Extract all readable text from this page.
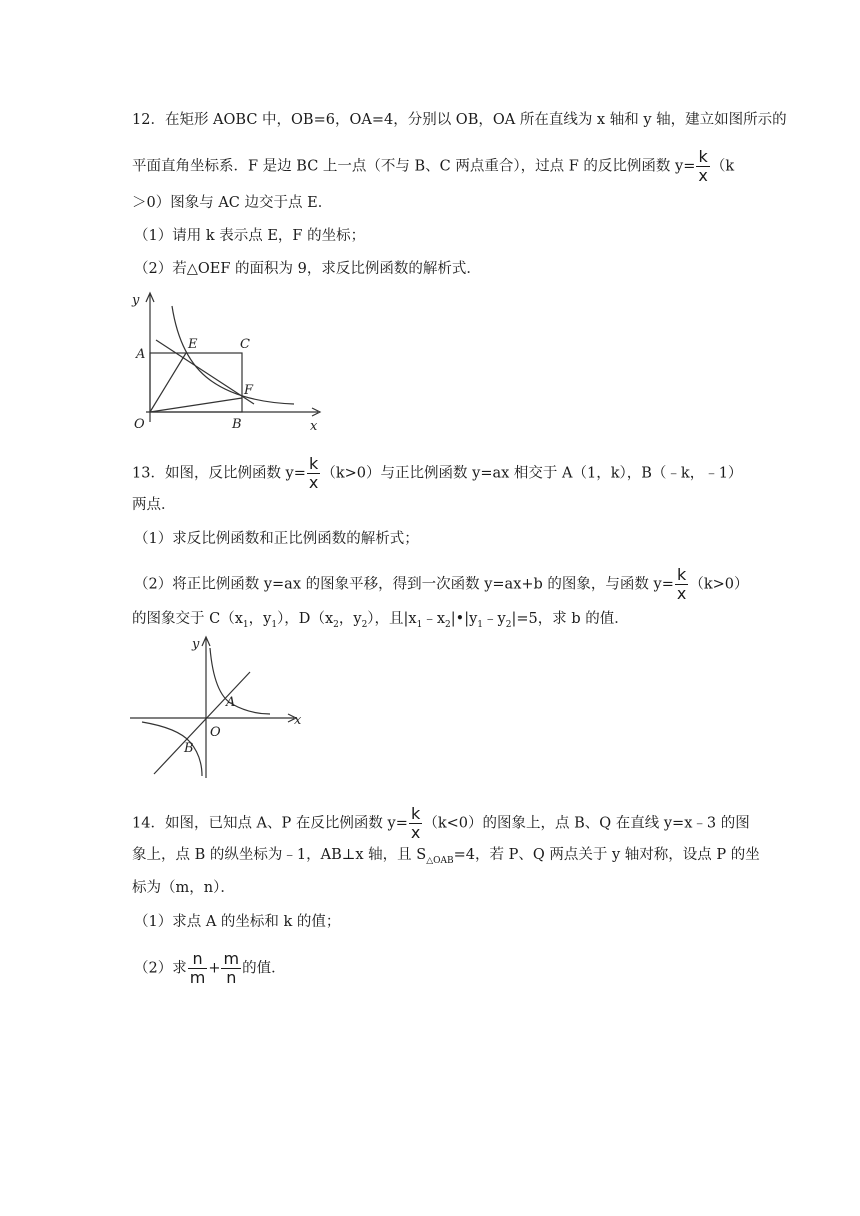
12．在矩形 AOBC 中，OB=6，OA=4，分别以 OB，OA 所在直线为 x 轴和 y 轴，建立如图所示的
平面直角坐标系．F 是边 BC 上一点（不与 B、C 两点重合），过点 F 的反比例函数 $y= \frac{k}{x} (k$
＞0）图象与 AC 边交于点 E．
（1）请用 k 表示点 E，F 的坐标；
（2）若△OEF 的面积为 9，求反比例函数的解析式．
y
x
O
A
B
C
E
F
13．如图，反比例函数 $y= \frac{k}{x} (k>0)$与正比例函数 y=ax 相交于 A（1，k），B（﹣k，﹣1）
两点．
（1）求反比例函数和正比例函数的解析式；
（2）将正比例函数 y=ax 的图象平移，得到一次函数 y=ax+b 的图象，与函数 $y= \frac{k}{x} (k>0)$
的图象交于 $C(x_1$，$y_1$），$D(x_2$，$y_2$），且$|x_1﹣x_2|•|y_1﹣y_2|=5$，求 b 的值．
y
x
O
A
B
14．如图，已知点 A、P 在反比例函数 $y= \frac{k}{x} (k<0)$的图象上，点 B、Q 在直线 y=x﹣3 的图
象上，点 B 的纵坐标为﹣1，AB⊥x 轴，且 $S_{\triangle OAB}=4$，若 P、Q 两点关于 y 轴对称，设点 P 的坐
标为（m，n）．
（1）求点 A 的坐标和 k 的值；
（2）求 $\frac{n}{m} + \frac{m}{n}$ 的值．
